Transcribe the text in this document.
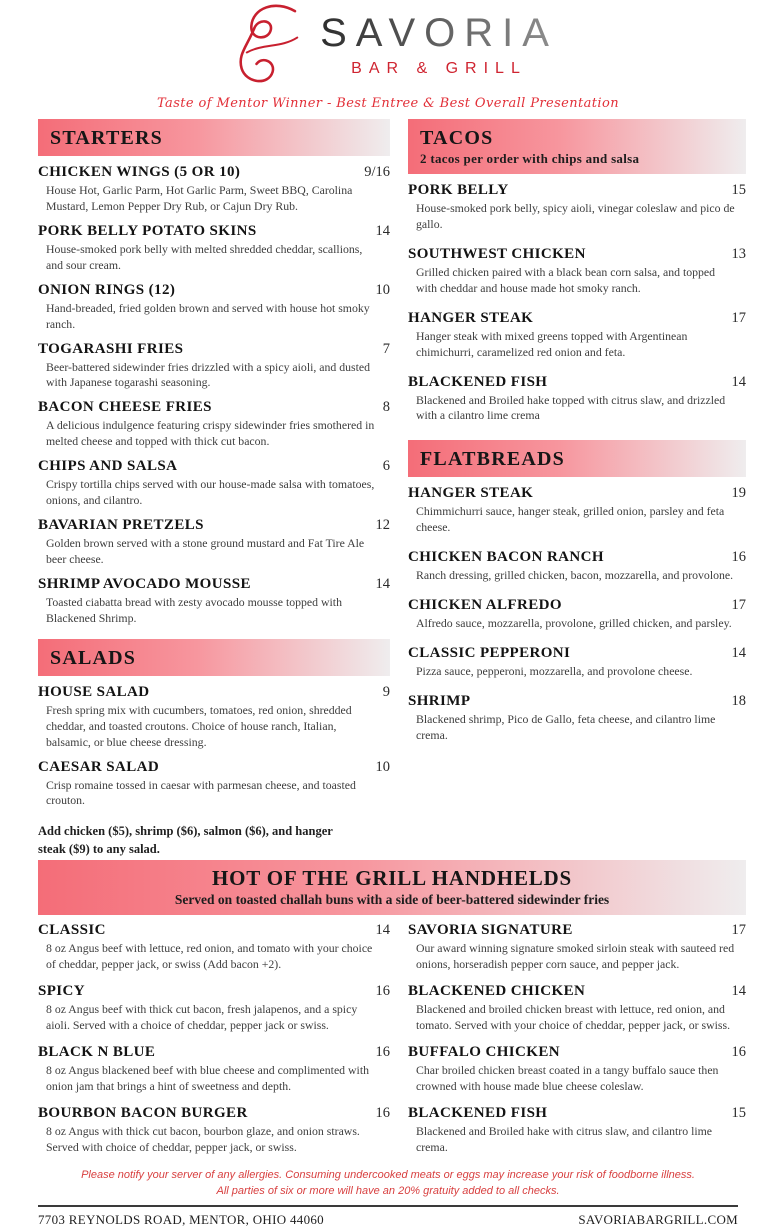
SAVORIA
BAR & GRILL
Taste of Mentor Winner - Best Entree & Best Overall Presentation
STARTERS
CHICKEN WINGS (5 OR 10)	9/16
House Hot, Garlic Parm, Hot Garlic Parm, Sweet BBQ, Carolina Mustard, Lemon Pepper Dry Rub, or Cajun Dry Rub.
PORK BELLY POTATO SKINS	14
House-smoked pork belly with melted shredded cheddar, scallions, and sour cream.
ONION RINGS (12)	10
Hand-breaded, fried golden brown and served with house hot smoky ranch.
TOGARASHI FRIES	7
Beer-battered sidewinder fries drizzled with a spicy aioli, and dusted with Japanese togarashi seasoning.
BACON CHEESE FRIES	8
A delicious indulgence featuring crispy sidewinder fries smothered in melted cheese and topped with thick cut bacon.
CHIPS AND SALSA	6
Crispy tortilla chips served with our house-made salsa with tomatoes, onions, and cilantro.
BAVARIAN PRETZELS	12
Golden brown served with a stone ground mustard and Fat Tire Ale beer cheese.
SHRIMP AVOCADO MOUSSE	14
Toasted ciabatta bread with zesty avocado mousse topped with Blackened Shrimp.
SALADS
HOUSE SALAD	9
Fresh spring mix with cucumbers, tomatoes, red onion, shredded cheddar, and toasted croutons. Choice of house ranch, Italian, balsamic, or blue cheese dressing.
CAESAR SALAD	10
Crisp romaine tossed in caesar with parmesan cheese, and toasted crouton.
Add chicken ($5), shrimp ($6), salmon ($6), and hanger steak ($9) to any salad.
TACOS
2 tacos per order with chips and salsa
PORK BELLY	15
House-smoked pork belly, spicy aioli, vinegar coleslaw and pico de gallo.
SOUTHWEST CHICKEN	13
Grilled chicken paired with a black bean corn salsa, and topped with cheddar and house made hot smoky ranch.
HANGER STEAK	17
Hanger steak with mixed greens topped with Argentinean chimichurri, caramelized red onion and feta.
BLACKENED FISH	14
Blackened and Broiled hake topped with citrus slaw, and drizzled with a cilantro lime crema
FLATBREADS
HANGER STEAK	19
Chimmichurri sauce, hanger steak, grilled onion, parsley and feta cheese.
CHICKEN BACON RANCH	16
Ranch dressing, grilled chicken, bacon, mozzarella, and provolone.
CHICKEN ALFREDO	17
Alfredo sauce, mozzarella, provolone, grilled chicken, and parsley.
CLASSIC PEPPERONI	14
Pizza sauce, pepperoni, mozzarella, and provolone cheese.
SHRIMP	18
Blackened shrimp, Pico de Gallo, feta cheese, and cilantro lime crema.
HOT OF THE GRILL HANDHELDS
Served on toasted challah buns with a side of beer-battered sidewinder fries
CLASSIC	14
8 oz Angus beef with lettuce, red onion, and tomato with your choice of cheddar, pepper jack, or swiss (Add bacon +2).
SPICY	16
8 oz Angus beef with thick cut bacon, fresh jalapenos, and a spicy aioli. Served with a choice of cheddar, pepper jack or swiss.
BLACK N BLUE	16
8 oz Angus blackened beef with blue cheese and complimented with onion jam that brings a hint of sweetness and depth.
BOURBON BACON BURGER	16
8 oz Angus with thick cut bacon, bourbon glaze, and onion straws. Served with choice of cheddar, pepper jack, or swiss.
SAVORIA SIGNATURE	17
Our award winning signature smoked sirloin steak with sauteed red onions, horseradish pepper corn sauce, and pepper jack.
BLACKENED CHICKEN	14
Blackened and broiled chicken breast with lettuce, red onion, and tomato. Served with your choice of cheddar, pepper jack, or swiss.
BUFFALO CHICKEN	16
Char broiled chicken breast coated in a tangy buffalo sauce then crowned with house made blue cheese coleslaw.
BLACKENED FISH	15
Blackened and Broiled hake with citrus slaw, and cilantro lime crema.
Please notify your server of any allergies. Consuming undercooked meats or eggs may increase your risk of foodborne illness.
All parties of six or more will have an 20% gratuity added to all checks.
7703 REYNOLDS ROAD, MENTOR, OHIO 44060	SAVORIABARGRILL.COM
